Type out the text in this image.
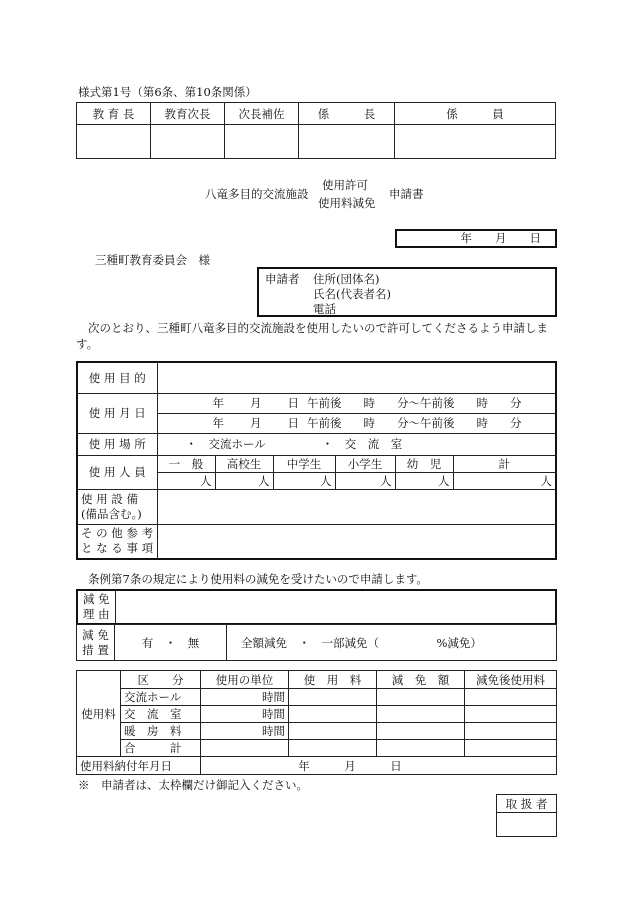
様式第1号（第6条、第10条関係）
教 育 長	教育次長	次長補佐	係　　　長	係　　　員

八竜多目的交流施設
使用許可
使用料減免
申請書
年　　月　　日
三種町教育委員会　様
申請者 住所(団体名)
氏名(代表者名)
電話
次のとおり、三種町八竜多目的交流施設を使用したいので許可してくださるよう申請します。
使 用 目 的						
使 用 月 日	年 月 日 午前後 時 分～午前後 時 分					
	年 月 日 午前後 時 分～午前後 時 分					
使 用 場 所	・　交流ホール ・　交　流　室					
使 用 人 員	一　般	高校生	中学生	小学生	幼　児	計
	人	人	人	人	人	人

使 用 設 備
(備品含む。)						

そ の 他 参 考
と な る 事 項						

条例第7条の規定により使用料の減免を受けたいので申請します。
減 免
理 由

減 免
措 置	有　・　無	全額減免　・　一部減免（　　　　　%減免）
使用料	区　　分	使用の単位	使　用　料	減　免　額	減免後使用料
	交流ホール	時間			
	交　流　室	時間			
	暖　房　料	時間			
	合　　　計				
使用料納付年月日		年　　　月　　　日			
※　申請者は、太枠欄だけ御記入ください。
取 扱 者
